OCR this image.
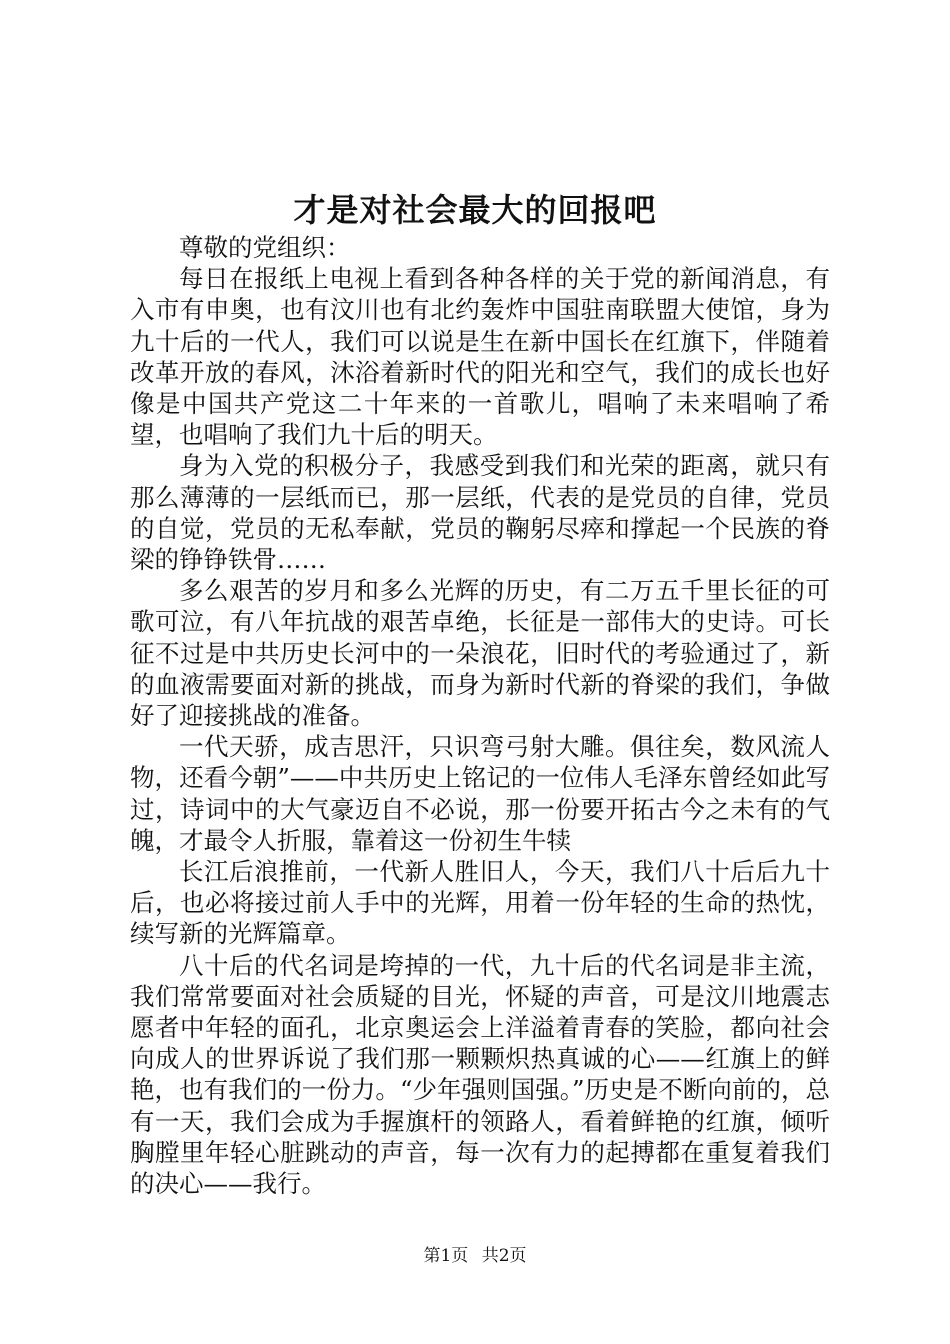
才是对社会最大的回报吧

尊敬的党组织：

每日在报纸上电视上看到各种各样的关于党的新闻消息，有入市有申奥，也有汶川也有北约轰炸中国驻南联盟大使馆，身为九十后的一代人，我们可以说是生在新中国长在红旗下，伴随着改革开放的春风，沐浴着新时代的阳光和空气，我们的成长也好像是中国共产党这二十年来的一首歌儿，唱响了未来唱响了希望，也唱响了我们九十后的明天。

身为入党的积极分子，我感受到我们和光荣的距离，就只有那么薄薄的一层纸而已，那一层纸，代表的是党员的自律，党员的自觉，党员的无私奉献，党员的鞠躬尽瘁和撑起一个民族的脊梁的铮铮铁骨……

多么艰苦的岁月和多么光辉的历史，有二万五千里长征的可歌可泣，有八年抗战的艰苦卓绝，长征是一部伟大的史诗。可长征不过是中共历史长河中的一朵浪花，旧时代的考验通过了，新的血液需要面对新的挑战，而身为新时代新的脊梁的我们，争做好了迎接挑战的准备。

一代天骄，成吉思汗，只识弯弓射大雕。俱往矣，数风流人物，还看今朝”——中共历史上铭记的一位伟人毛泽东曾经如此写过，诗词中的大气豪迈自不必说，那一份要开拓古今之未有的气魄，才最令人折服，靠着这一份初生牛犊

长江后浪推前，一代新人胜旧人，今天，我们八十后后九十后，也必将接过前人手中的光辉，用着一份年轻的生命的热忱，续写新的光辉篇章。

八十后的代名词是垮掉的一代，九十后的代名词是非主流，我们常常要面对社会质疑的目光，怀疑的声音，可是汶川地震志愿者中年轻的面孔，北京奥运会上洋溢着青春的笑脸，都向社会向成人的世界诉说了我们那一颗颗炽热真诚的心——红旗上的鲜艳，也有我们的一份力。“少年强则国强。”历史是不断向前的，总有一天，我们会成为手握旗杆的领路人，看着鲜艳的红旗，倾听胸膛里年轻心脏跳动的声音，每一次有力的起搏都在重复着我们的决心——我行。

第1页 共2页
